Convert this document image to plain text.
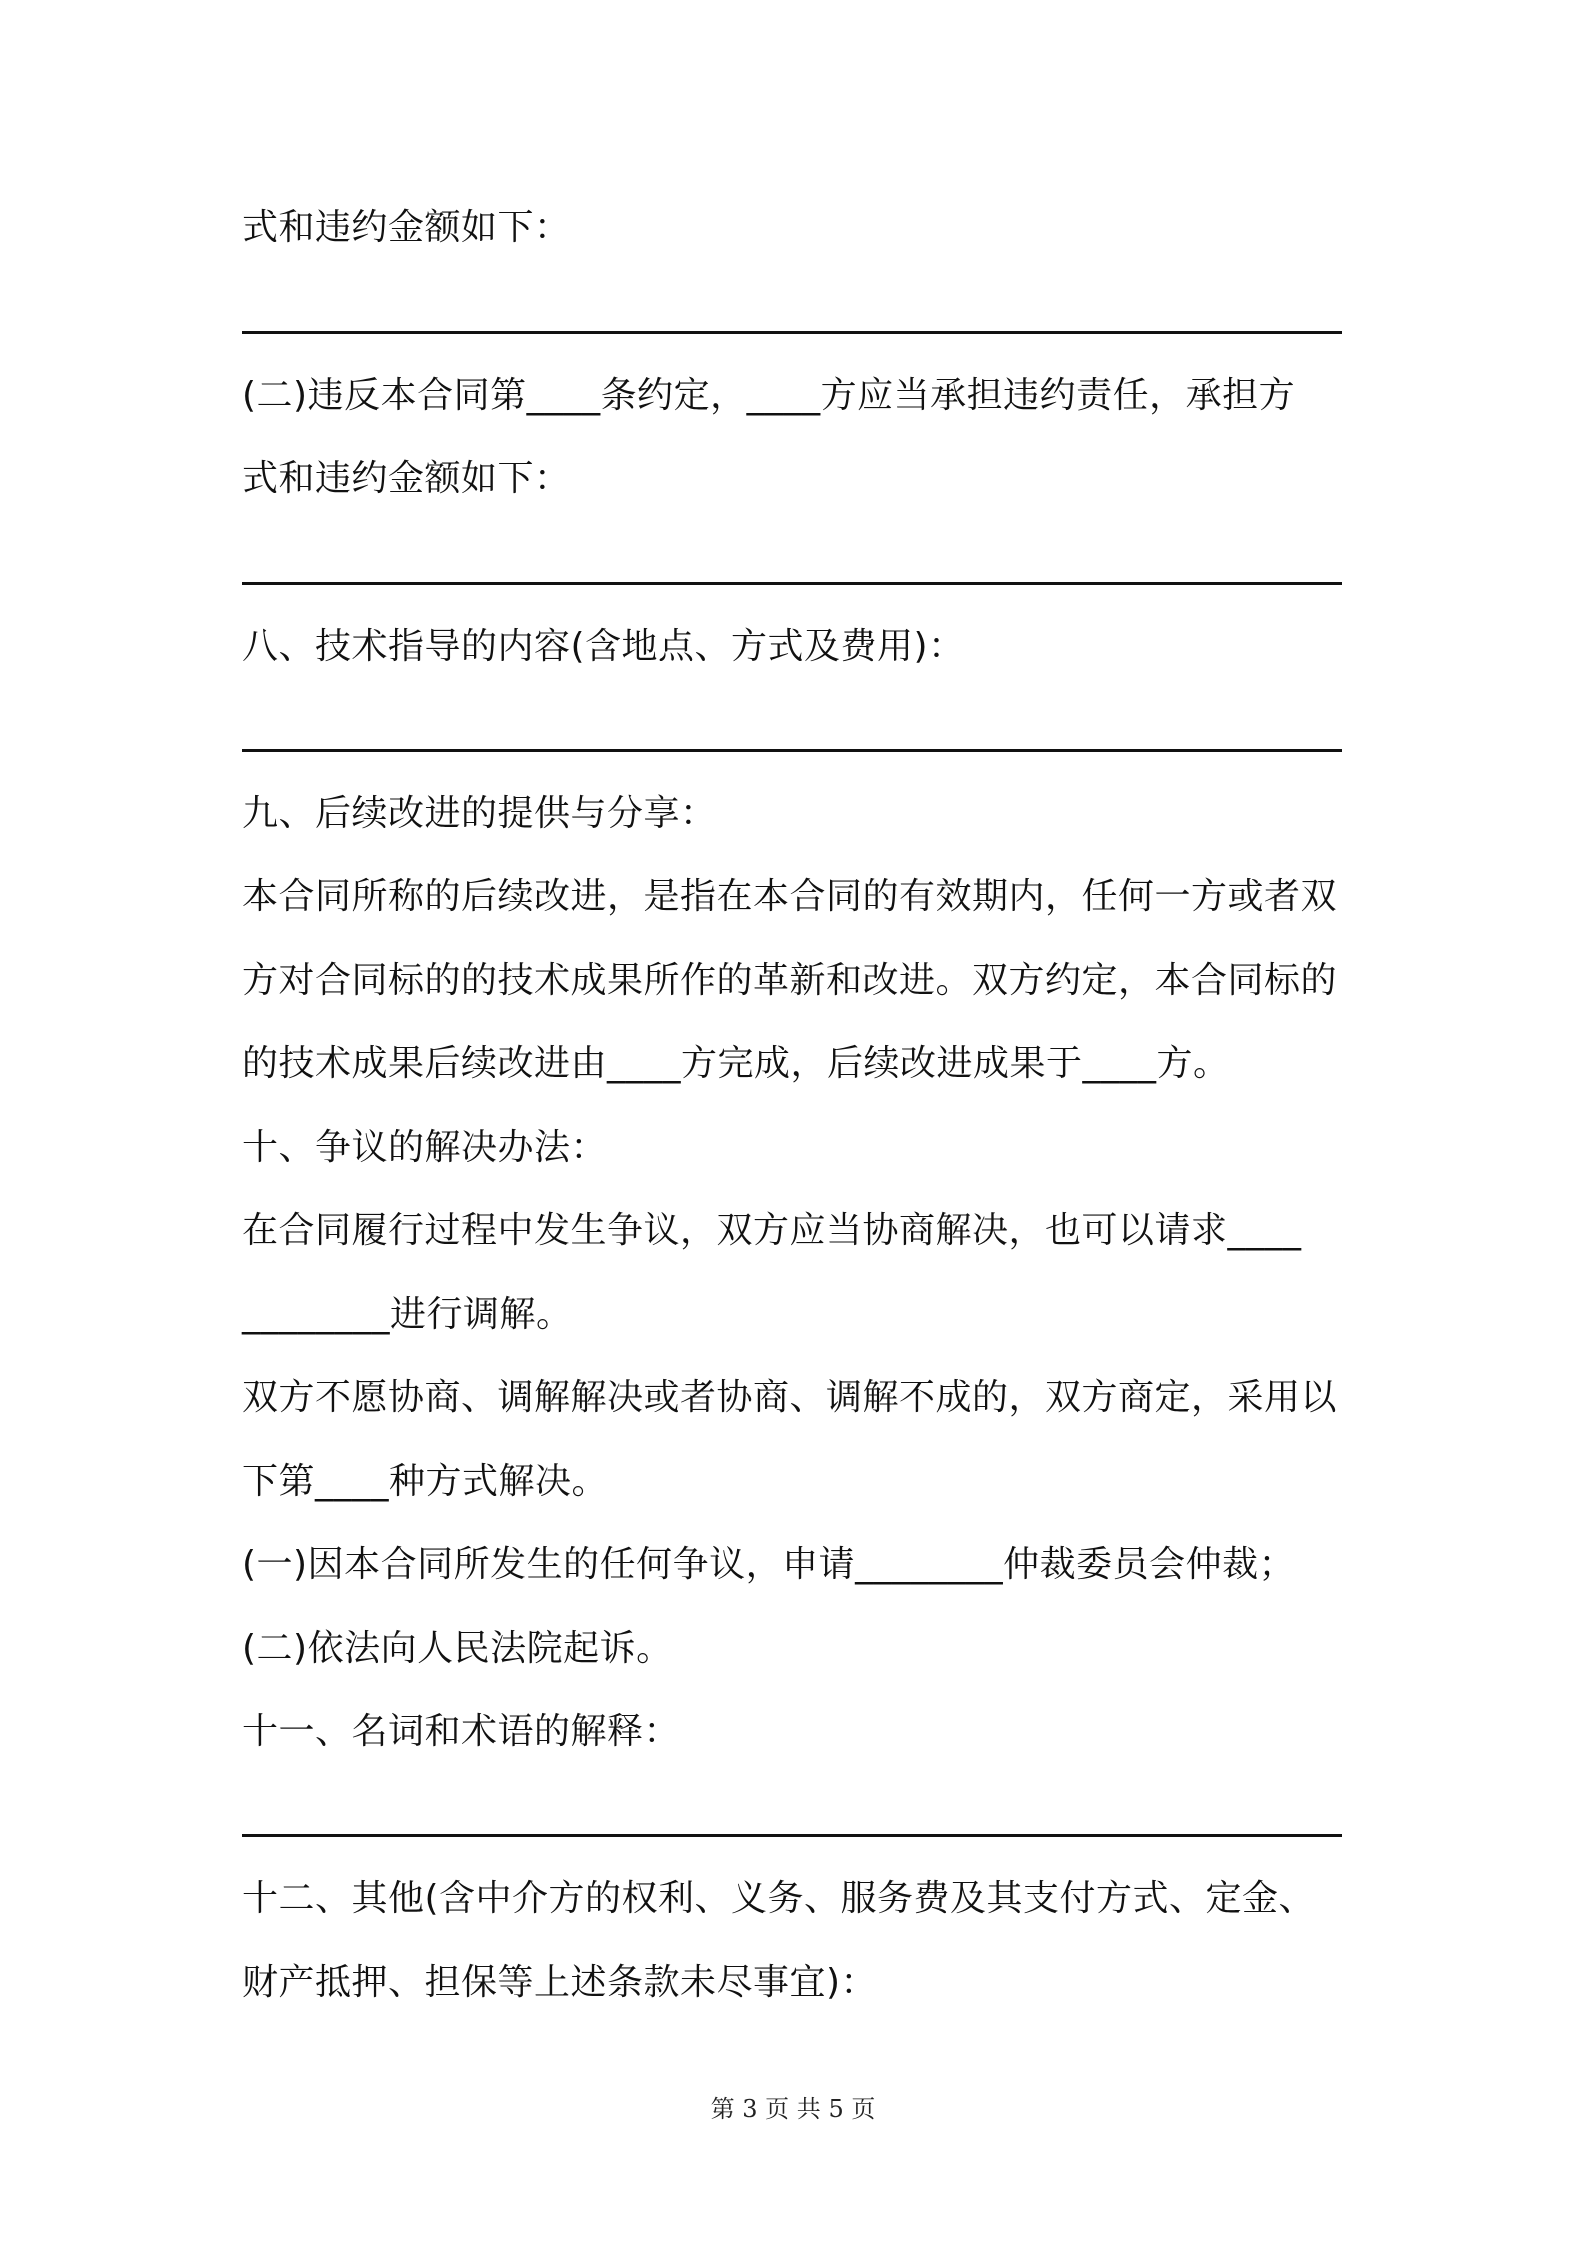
式和违约金额如下：
(二)违反本合同第____条约定，____方应当承担违约责任，承担方
式和违约金额如下：
八、技术指导的内容(含地点、方式及费用)：
九、后续改进的提供与分享：
本合同所称的后续改进，是指在本合同的有效期内，任何一方或者双
方对合同标的的技术成果所作的革新和改进。双方约定，本合同标的
的技术成果后续改进由____方完成，后续改进成果于____方。
十、争议的解决办法：
在合同履行过程中发生争议，双方应当协商解决，也可以请求____
________进行调解。
双方不愿协商、调解解决或者协商、调解不成的，双方商定，采用以
下第____种方式解决。
(一)因本合同所发生的任何争议，申请________仲裁委员会仲裁；
(二)依法向人民法院起诉。
十一、名词和术语的解释：
十二、其他(含中介方的权利、义务、服务费及其支付方式、定金、
财产抵押、担保等上述条款未尽事宜)：
第 3 页 共 5 页
